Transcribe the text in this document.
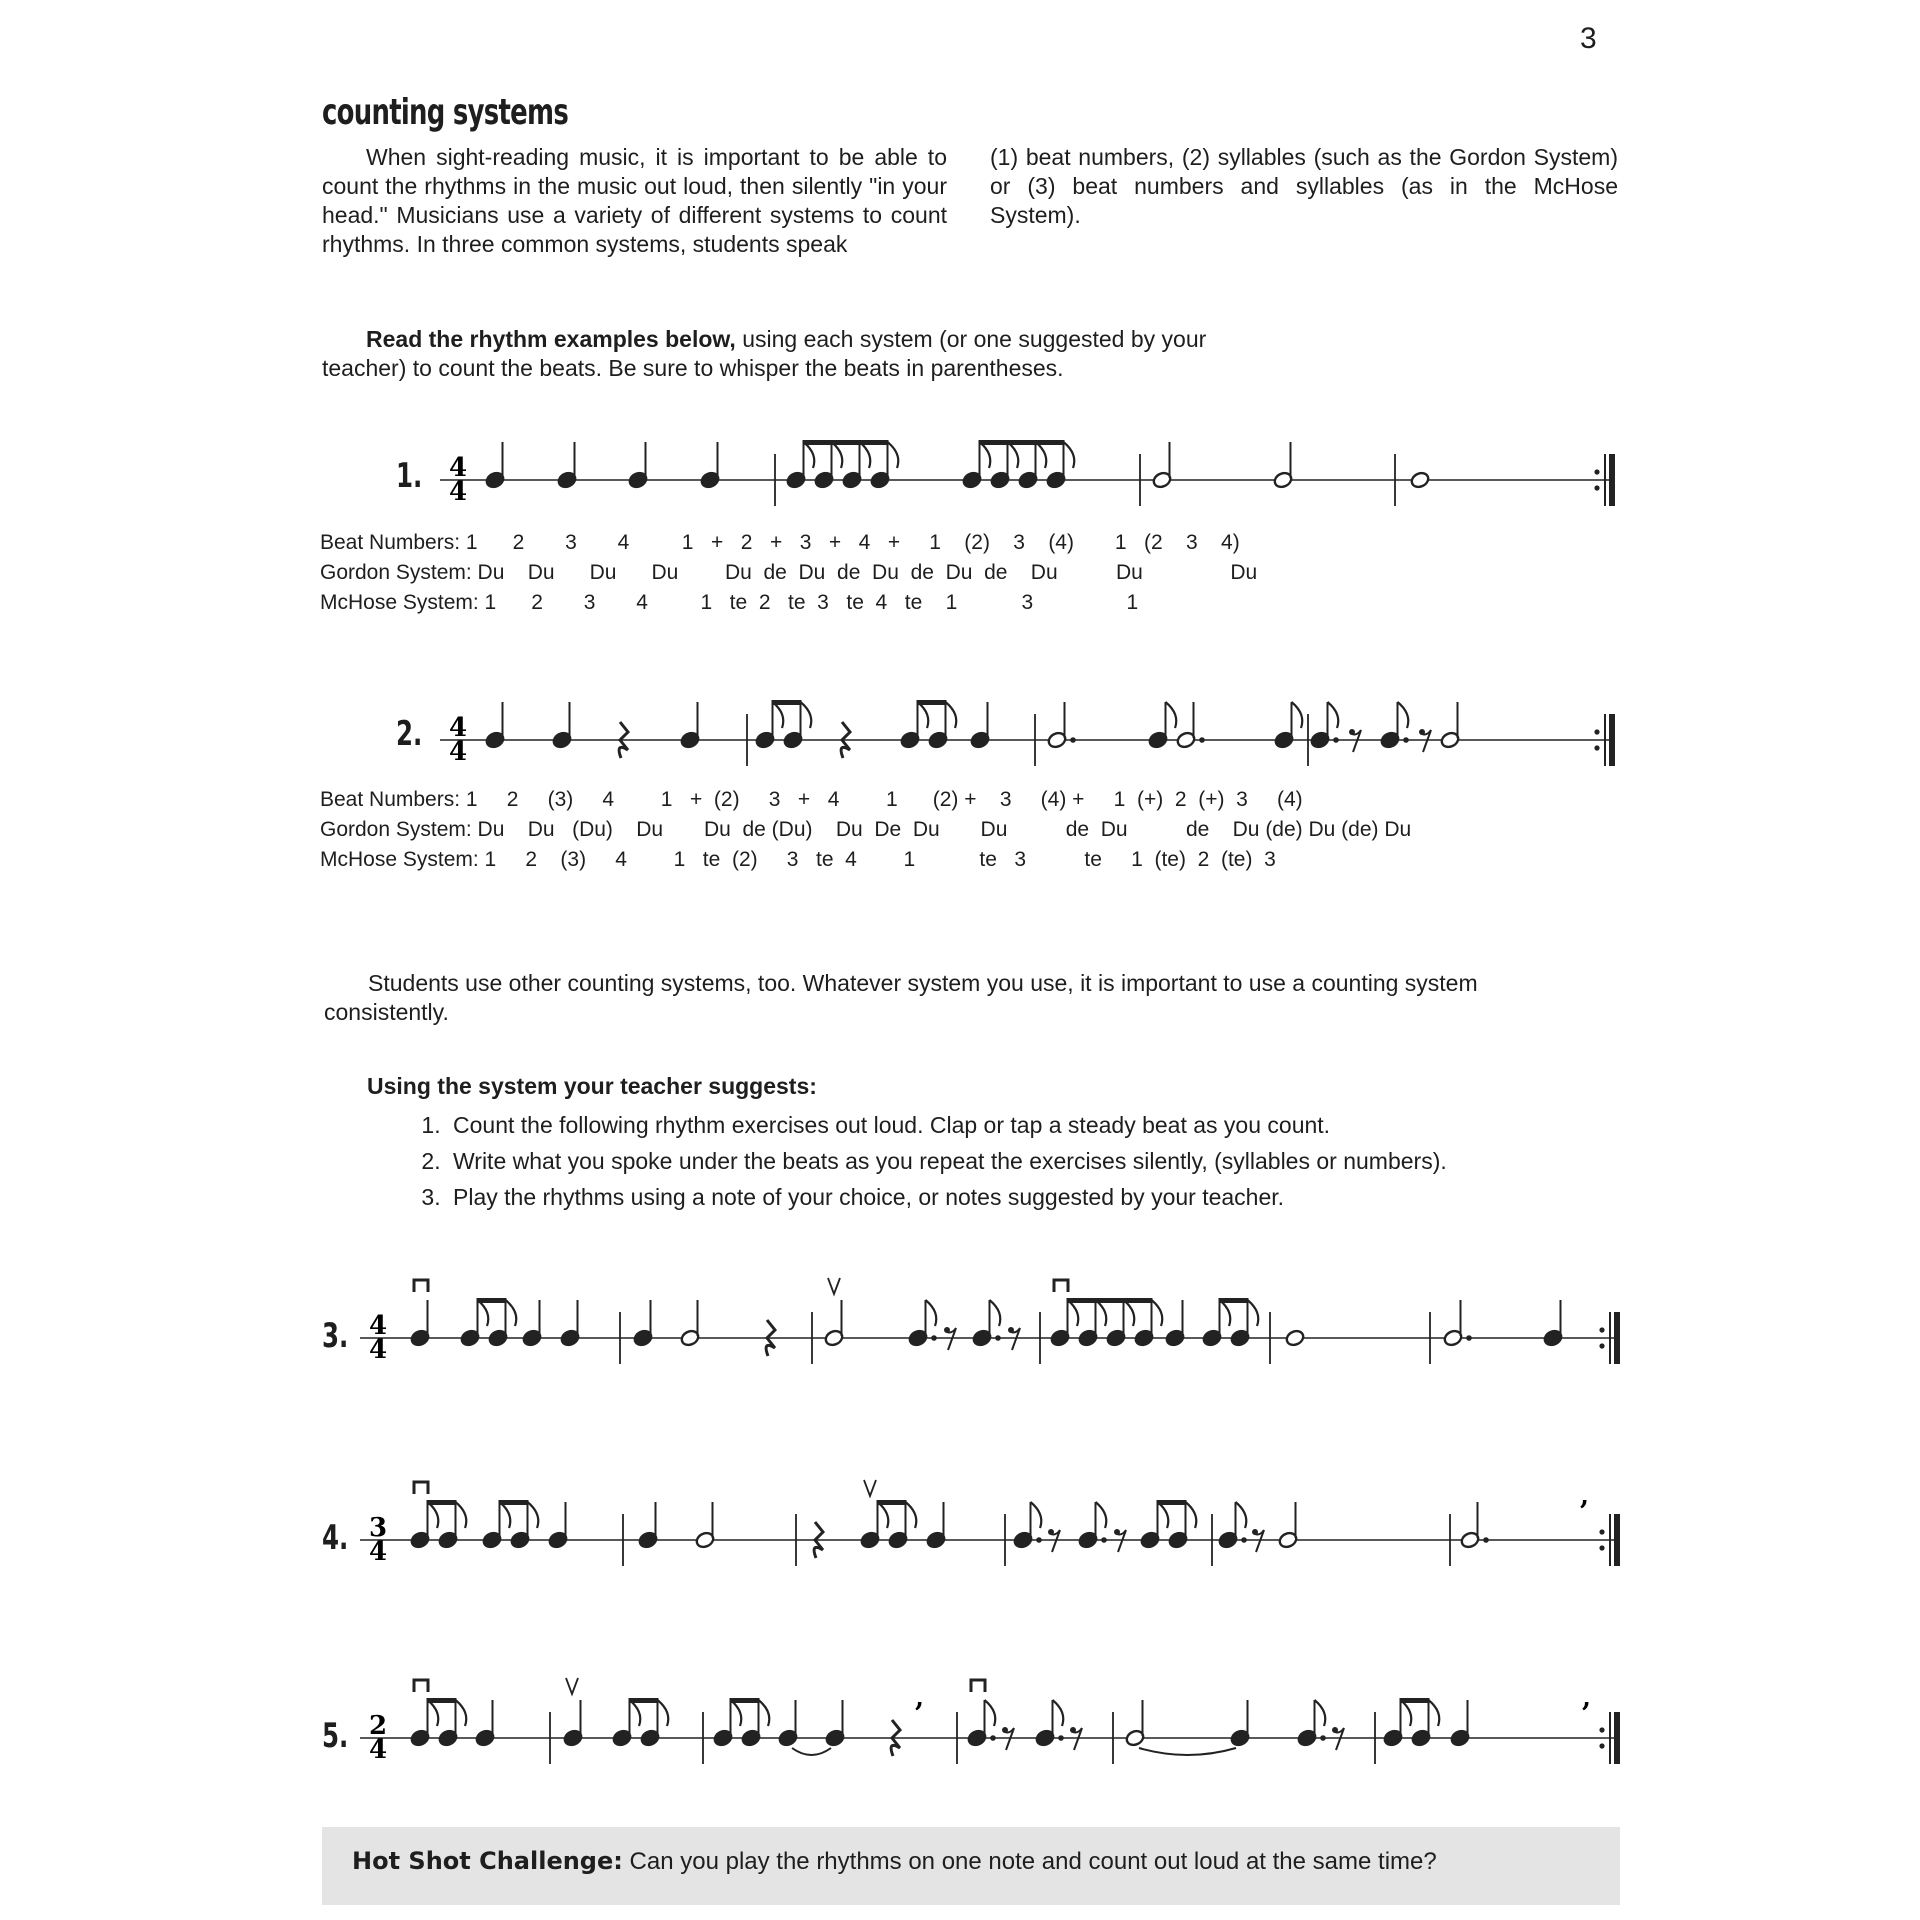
3
counting systems
When sight-reading music, it is important to be able to count the rhythms in the music out loud, then silently "in your head." Musicians use a variety of different systems to count rhythms. In three common systems, students speak
(1) beat numbers, (2) syllables (such as the Gordon System) or (3) beat numbers and syllables (as in the McHose System).
Read the rhythm examples below, using each system (or one suggested by your teacher) to count the beats. Be sure to whisper the beats in parentheses.
1. 4
4
Beat Numbers: 1      2       3       4         1   +   2   +   3   +   4   +     1    (2)    3    (4)       1   (2    3    4)
Gordon System: Du    Du      Du      Du        Du  de  Du  de  Du  de  Du  de    Du          Du               Du
McHose System: 1      2       3       4         1   te  2   te  3   te  4   te    1           3                1
2. 4
4
Beat Numbers: 1     2     (3)     4        1   +  (2)     3   +   4        1      (2) +    3     (4) +     1  (+)  2  (+)  3     (4)
Gordon System: Du    Du   (Du)    Du       Du  de (Du)    Du  De  Du       Du          de  Du          de    Du (de) Du (de) Du
McHose System: 1     2    (3)     4        1   te  (2)     3   te  4        1           te   3          te     1  (te)  2  (te)  3
Students use other counting systems, too. Whatever system you use, it is important to use a counting system consistently.
Using the system your teacher suggests:
1. Count the following rhythm exercises out loud. Clap or tap a steady beat as you count.
2. Write what you spoke under the beats as you repeat the exercises silently, (syllables or numbers).
3. Play the rhythms using a note of your choice, or notes suggested by your teacher.
3. 4
4
4. 3
4
,
5. 2
4
,	,
Hot Shot Challenge: Can you play the rhythms on one note and count out loud at the same time?
